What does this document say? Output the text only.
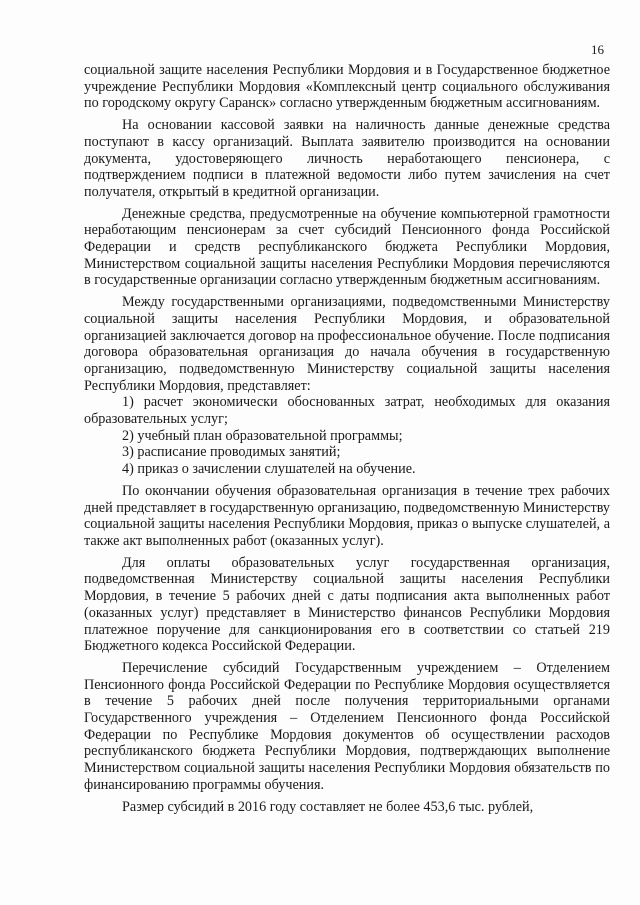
16

социальной защите населения Республики Мордовия и в Государственное бюджетное учреждение Республики Мордовия «Комплексный центр социального обслуживания по городскому округу Саранск» согласно утвержденным бюджетным ассигнованиям.

На основании кассовой заявки на наличность данные денежные средства поступают в кассу организаций. Выплата заявителю производится на основании документа, удостоверяющего личность неработающего пенсионера, с подтверждением подписи в платежной ведомости либо путем зачисления на счет получателя, открытый в кредитной организации.

Денежные средства, предусмотренные на обучение компьютерной грамотности неработающим пенсионерам за счет субсидий Пенсионного фонда Российской Федерации и средств республиканского бюджета Республики Мордовия, Министерством социальной защиты населения Республики Мордовия перечисляются в государственные организации согласно утвержденным бюджетным ассигнованиям.

Между государственными организациями, подведомственными Министерству социальной защиты населения Республики Мордовия, и образовательной организацией заключается договор на профессиональное обучение. После подписания договора образовательная организация до начала обучения в государственную организацию, подведомственную Министерству социальной защиты населения Республики Мордовия, представляет:

1) расчет экономически обоснованных затрат, необходимых для оказания образовательных услуг;

2) учебный план образовательной программы;

3) расписание проводимых занятий;

4) приказ о зачислении слушателей на обучение.

По окончании обучения образовательная организация в течение трех рабочих дней представляет в государственную организацию, подведомственную Министерству социальной защиты населения Республики Мордовия, приказ о выпуске слушателей, а также акт выполненных работ (оказанных услуг).

Для оплаты образовательных услуг государственная организация, подведомственная Министерству социальной защиты населения Республики Мордовия, в течение 5 рабочих дней с даты подписания акта выполненных работ (оказанных услуг) представляет в Министерство финансов Республики Мордовия платежное поручение для санкционирования его в соответствии со статьей 219 Бюджетного кодекса Российской Федерации.

Перечисление субсидий Государственным учреждением – Отделением Пенсионного фонда Российской Федерации по Республике Мордовия осуществляется в течение 5 рабочих дней после получения территориальными органами Государственного учреждения – Отделением Пенсионного фонда Российской Федерации по Республике Мордовия документов об осуществлении расходов республиканского бюджета Республики Мордовия, подтверждающих выполнение Министерством социальной защиты населения Республики Мордовия обязательств по финансированию программы обучения.

Размер субсидий в 2016 году составляет не более 453,6 тыс. рублей,
